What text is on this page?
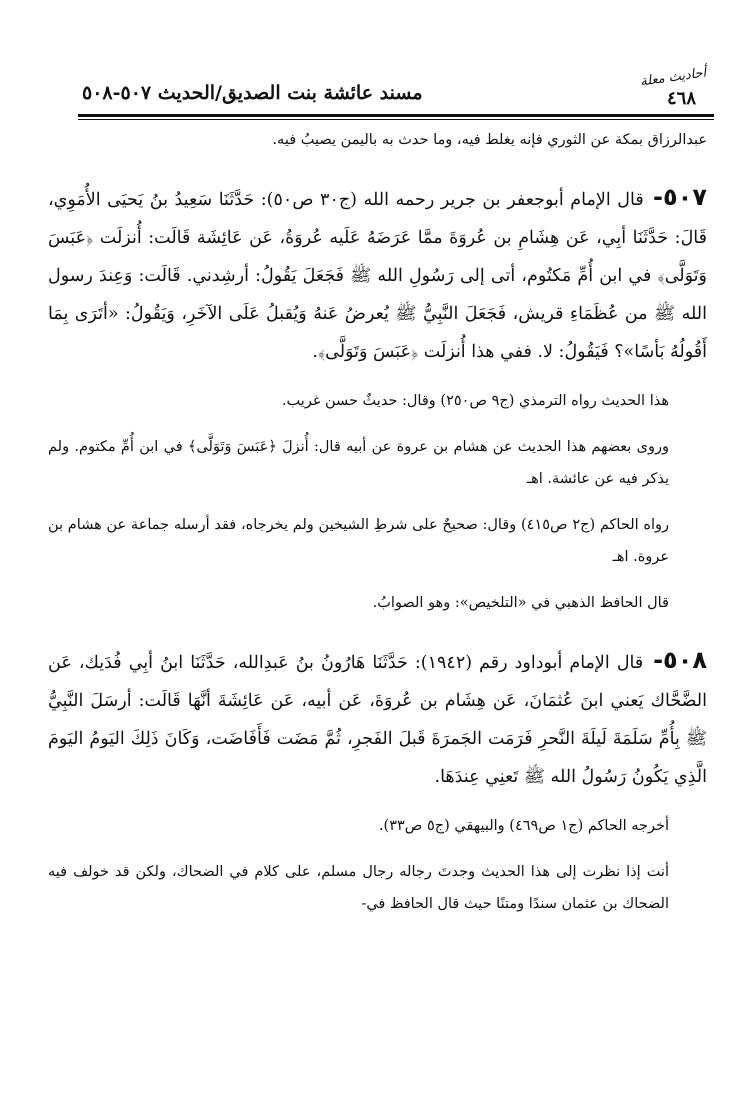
أحاديث معلة
٤٦٨
مسند عائشة بنت الصديق/الحديث ٥٠٧-٥٠٨

عبدالرزاق بمكة عن الثوري فإنه يغلط فيه، وما حدث به باليمن يصيبُ فيه.

٥٠٧- قال الإمام أبوجعفر بن جرير رحمه الله (ج٣٠ ص٥٠): حَدَّثَنَا سَعِيدُ بنُ يَحيَى الأُمَوِي، قَالَ: حَدَّثَنَا أبِي، عَن هِشَامِ بن عُروَةَ ممَّا عَرَضَهُ عَلَيه عُروَةُ، عَن عَائِشَة قَالَت: أُنزلَت ﴿عَبَسَ وَتَوَلَّى﴾ في ابن أُمِّ مَكتُوم، أتى إلى رَسُولِ الله ﷺ فَجَعَلَ يَقُولُ: أرشِدني. قَالَت: وَعِندَ رسول الله ﷺ من عُظَمَاءِ قريش، فَجَعَلَ النَّبِيُّ ﷺ يُعرضُ عَنهُ وَيُقبلُ عَلَى الآخَرِ، وَيَقُولُ: «أتَرَى بِمَا أَقُولُهُ بَأسًا»؟ فَيَقُولُ: لا. ففي هذا أُنزلَت ﴿عَبَسَ وَتَوَلَّى﴾.

هذا الحديث رواه الترمذي (ج٩ ص٢٥٠) وقال: حديثٌ حسن غريب.

وروى بعضهم هذا الحديث عن هشام بن عروة عن أبيه قال: أُنزلَ ﴿عَبَسَ وَتَوَلَّى﴾ في ابن أُمِّ مكتوم. ولم يذكر فيه عن عائشة. اهـ

رواه الحاكم (ج٢ ص٤١٥) وقال: صحيحٌ على شرطِ الشيخين ولم يخرجاه، فقد أرسله جماعة عن هشام بن عروة. اهـ

قال الحافظ الذهبي في «التلخيص»: وهو الصوابُ.

٥٠٨- قال الإمام أبوداود رقم (١٩٤٢): حَدَّثَنَا هَارُونُ بنُ عَبدِالله، حَدَّثَنَا ابنُ أبِي فُدَيك، عَن الضَّحَّاك يَعني ابنَ عُثمَانَ، عَن هِشَام بن عُروَةَ، عَن أبيه، عَن عَائِشَةَ أنَّهَا قَالَت: أرسَلَ النَّبِيُّ ﷺ بِأُمِّ سَلَمَةَ لَيلَةَ النَّحرِ فَرَمَت الجَمرَةَ قَبلَ الفَجرِ، ثُمَّ مَضَت فَأَفَاضَت، وَكَانَ ذَلِكَ اليَومُ اليَومَ الَّذِي يَكُونُ رَسُولُ الله ﷺ تَعنِي عِندَهَا.

أخرجه الحاكم (ج١ ص٤٦٩) والبيهقي (ج٥ ص٣٣).

أنت إذا نظرت إلى هذا الحديث وجدتَ رجاله رجال مسلم، على كلام في الضحاك، ولكن قد خولف فيه الضحاك بن عثمان سندًا ومتنًا حيث قال الحافظ في-
